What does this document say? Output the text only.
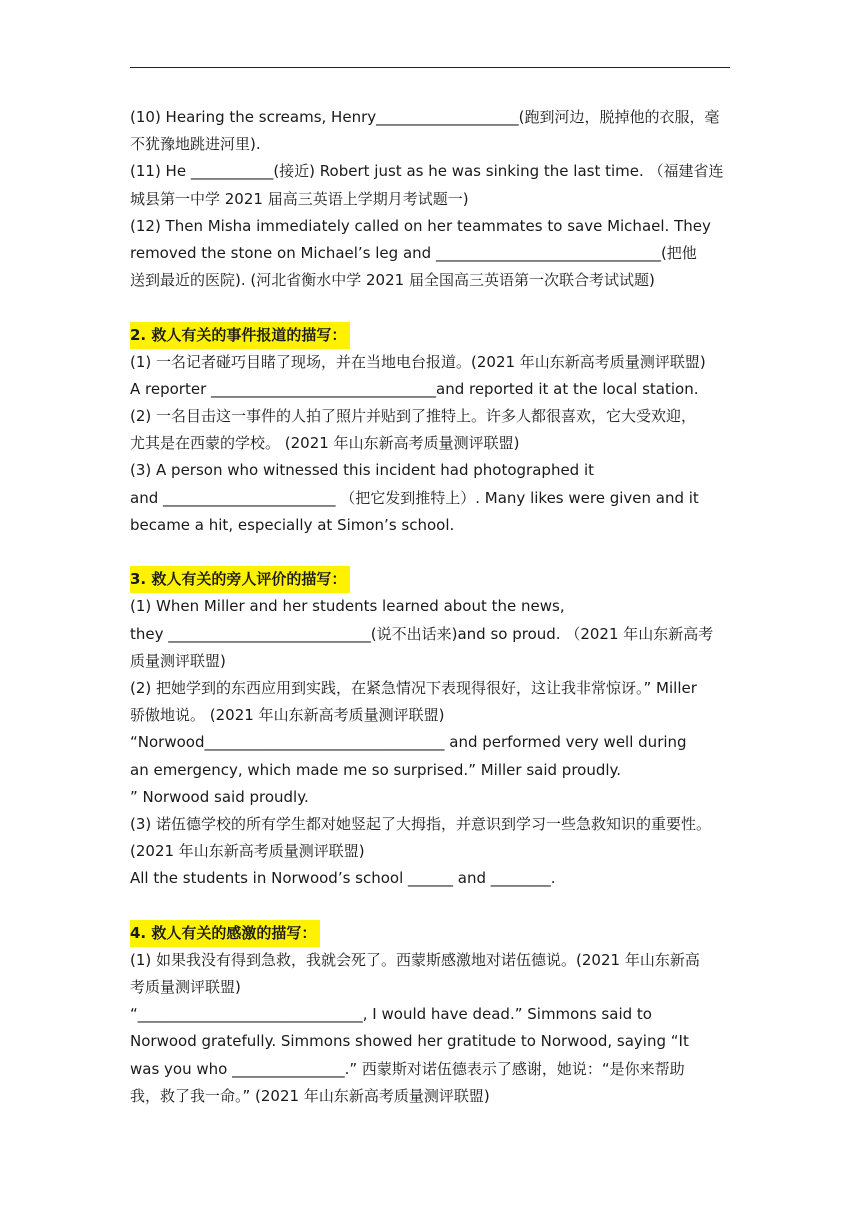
(10) Hearing the screams, Henry___________________(跑到河边，脱掉他的衣服，毫
不犹豫地跳进河里).
(11) He ___________(接近) Robert just as he was sinking the last time. （福建省连
城县第一中学 2021 届高三英语上学期月考试题一)
(12) Then Misha immediately called on her teammates to save Michael. They
removed the stone on Michael’s leg and ______________________________(把他
送到最近的医院). (河北省衡水中学 2021 届全国高三英语第一次联合考试试题)
2. 救人有关的事件报道的描写：
(1) 一名记者碰巧目睹了现场，并在当地电台报道。(2021 年山东新高考质量测评联盟)
A reporter ______________________________and reported it at the local station.
(2) 一名目击这一事件的人拍了照片并贴到了推特上。许多人都很喜欢，它大受欢迎，
尤其是在西蒙的学校。 (2021 年山东新高考质量测评联盟)
(3) A person who witnessed this incident had photographed it
and _______________________ （把它发到推特上）. Many likes were given and it
became a hit, especially at Simon’s school.
3. 救人有关的旁人评价的描写：
(1) When Miller and her students learned about the news,
they ___________________________(说不出话来)and so proud. （2021 年山东新高考
质量测评联盟)
(2) 把她学到的东西应用到实践，在紧急情况下表现得很好，这让我非常惊讶。” Miller
骄傲地说。 (2021 年山东新高考质量测评联盟)
“Norwood________________________________ and performed very well during
an emergency, which made me so surprised.” Miller said proudly.
” Norwood said proudly.
(3) 诺伍德学校的所有学生都对她竖起了大拇指，并意识到学习一些急救知识的重要性。
(2021 年山东新高考质量测评联盟)
All the students in Norwood’s school ______ and ________.
4. 救人有关的感激的描写：
(1) 如果我没有得到急救，我就会死了。西蒙斯感激地对诺伍德说。(2021 年山东新高
考质量测评联盟)
“______________________________, I would have dead.” Simmons said to
Norwood gratefully. Simmons showed her gratitude to Norwood, saying “It
was you who _______________.” 西蒙斯对诺伍德表示了感谢，她说：“是你来帮助
我，救了我一命。” (2021 年山东新高考质量测评联盟)
